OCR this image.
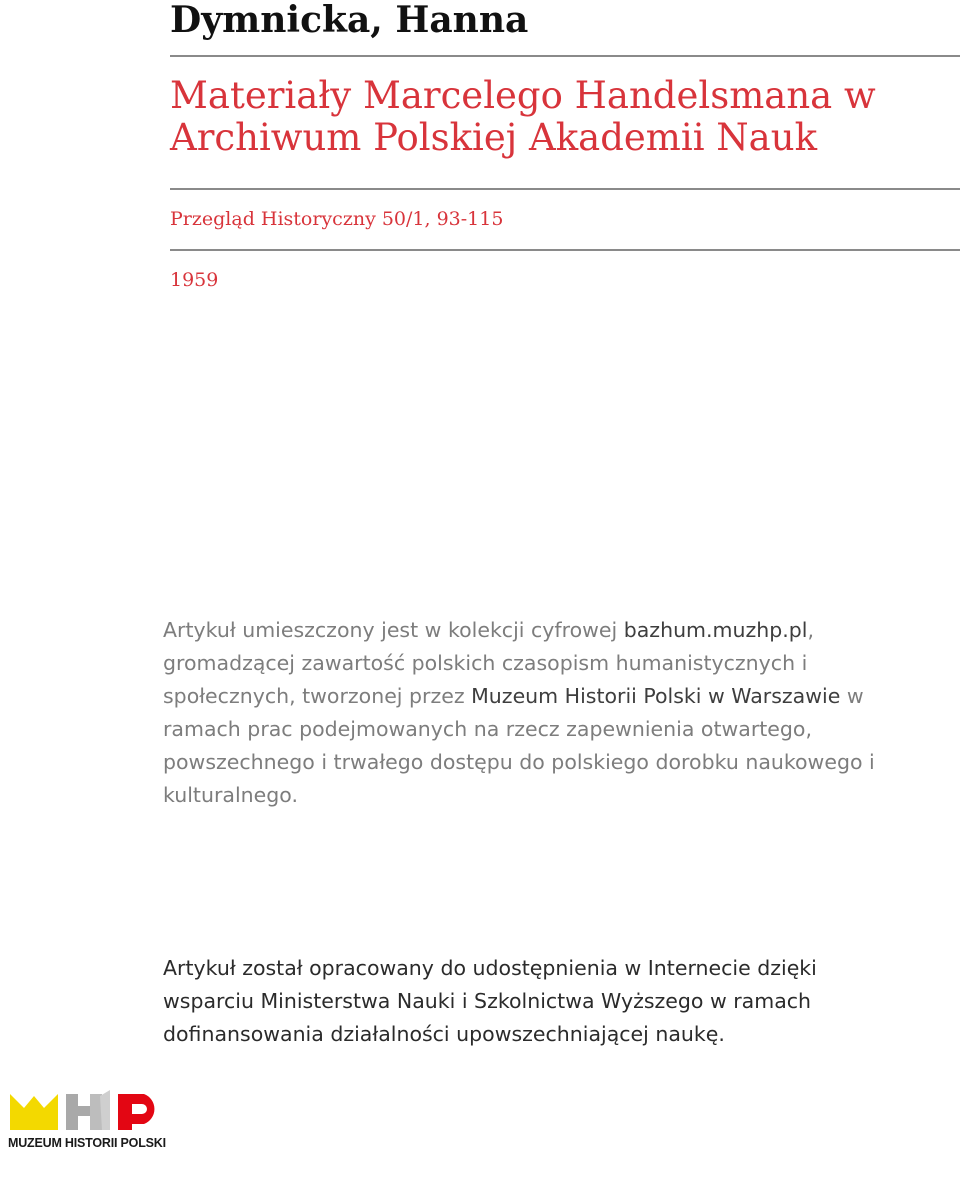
Dymnicka, Hanna
Materiały Marcelego Handelsmana w Archiwum Polskiej Akademii Nauk
Przegląd Historyczny 50/1, 93-115
1959

Artykuł umieszczony jest w kolekcji cyfrowej bazhum.muzhp.pl, gromadzącej zawartość polskich czasopism humanistycznych i społecznych, tworzonej przez Muzeum Historii Polski w Warszawie w ramach prac podejmowanych na rzecz zapewnienia otwartego, powszechnego i trwałego dostępu do polskiego dorobku naukowego i kulturalnego.

Artykuł został opracowany do udostępnienia w Internecie dzięki wsparciu Ministerstwa Nauki i Szkolnictwa Wyższego w ramach dofinansowania działalności upowszechniającej naukę.

MUZEUM HISTORII POLSKI
